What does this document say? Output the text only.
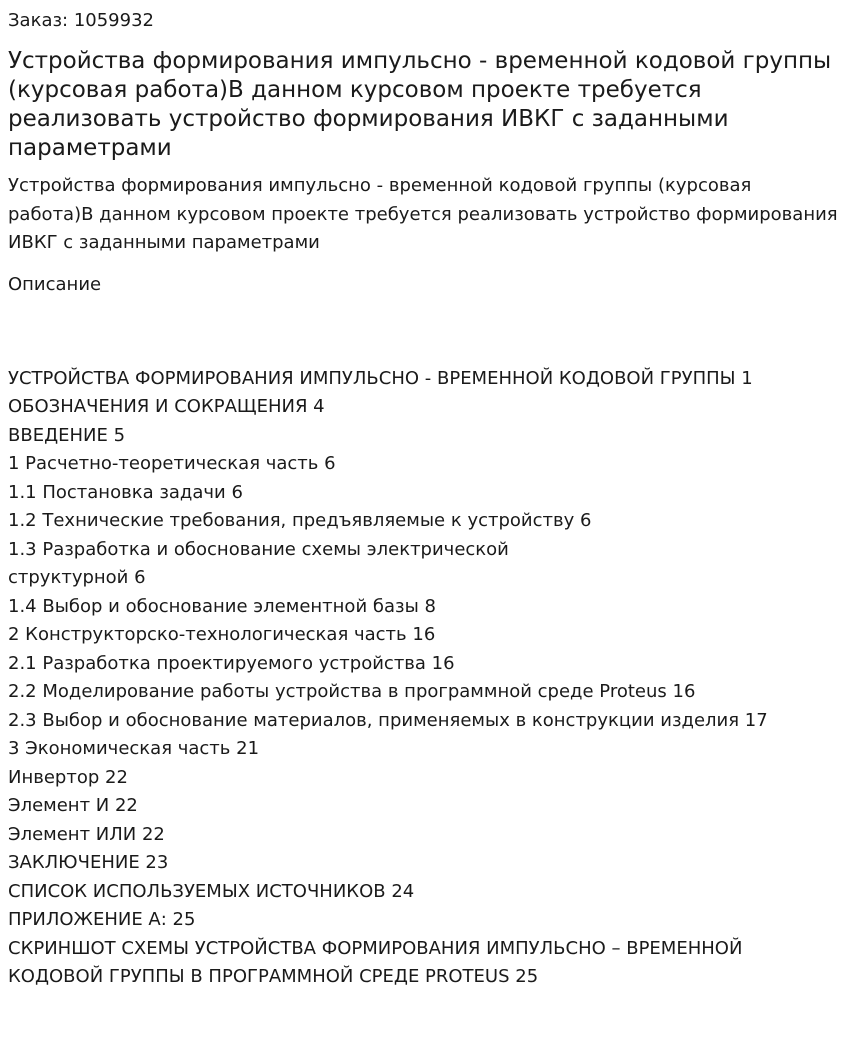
Заказ: 1059932
Устройства формирования импульсно - временной кодовой группы (курсовая работа)В данном курсовом проекте требуется реализовать устройство формирования ИВКГ с заданными параметрами
Устройства формирования импульсно - временной кодовой группы (курсовая работа)В данном курсовом проекте требуется реализовать устройство формирования ИВКГ с заданными параметрами
Описание
УСТРОЙСТВА ФОРМИРОВАНИЯ ИМПУЛЬСНО - ВРЕМЕННОЙ КОДОВОЙ ГРУППЫ 1
ОБОЗНАЧЕНИЯ И СОКРАЩЕНИЯ 4
ВВЕДЕНИЕ 5
1 Расчетно-теоретическая часть 6
1.1 Постановка задачи 6
1.2 Технические требования, предъявляемые к устройству 6
1.3 Разработка и обоснование схемы электрической
структурной 6
1.4 Выбор и обоснование элементной базы 8
2 Конструкторско-технологическая часть 16
2.1 Разработка проектируемого устройства 16
2.2 Моделирование работы устройства в программной среде Proteus 16
2.3 Выбор и обоснование материалов, применяемых в конструкции изделия 17
3 Экономическая часть 21
Инвертор 22
Элемент И 22
Элемент ИЛИ 22
ЗАКЛЮЧЕНИЕ 23
СПИСОК ИСПОЛЬЗУЕМЫХ ИСТОЧНИКОВ 24
ПРИЛОЖЕНИЕ А: 25
СКРИНШОТ СХЕМЫ УСТРОЙСТВА ФОРМИРОВАНИЯ ИМПУЛЬСНО – ВРЕМЕННОЙ КОДОВОЙ ГРУППЫ В ПРОГРАММНОЙ СРЕДЕ PROTEUS 25
